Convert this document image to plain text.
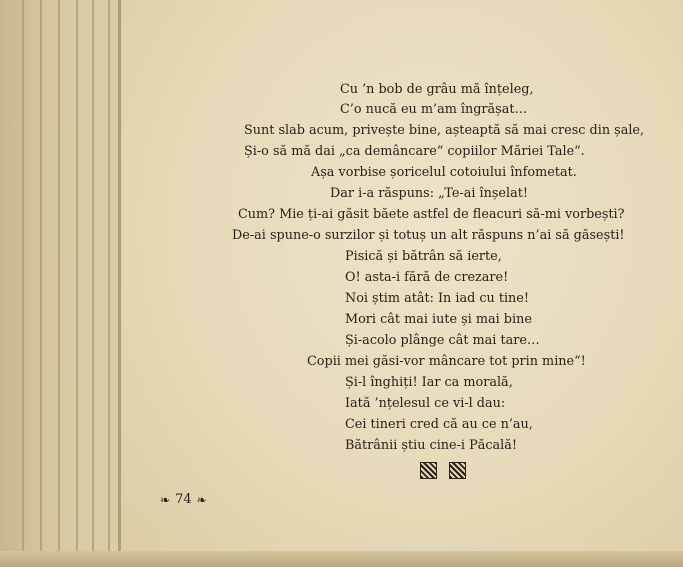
Cu ’n bob de grâu mă înțeleg,
C’o nucă eu m’am îngrășat…
Sunt slab acum, privește bine, așteaptă să mai cresc din șale,
Și-o să mă dai „ca demâncare“ copiilor Măriei Tale“.
Așa vorbise șoricelul cotoiului înfometat.
Dar i-a răspuns: „Te-ai înșelat!
Cum? Mie ți-ai găsit băete astfel de fleacuri să-mi vorbești?
De-ai spune-o surzilor și totuș un alt răspuns n’ai să găsești!
Pisică și bătrân să ierte,
O! asta-i fără de crezare!
Noi știm atât: In iad cu tine!
Mori cât mai iute și mai bine
Și-acolo plânge cât mai tare…
Copii mei găsi-vor mâncare tot prin mine“!
Și-l înghiți! Iar ca morală,
Iată ’nțelesul ce vi-l dau:
Cei tineri cred că au ce n’au,
Bătrânii știu cine-i Păcală!
❧ 74 ❧
